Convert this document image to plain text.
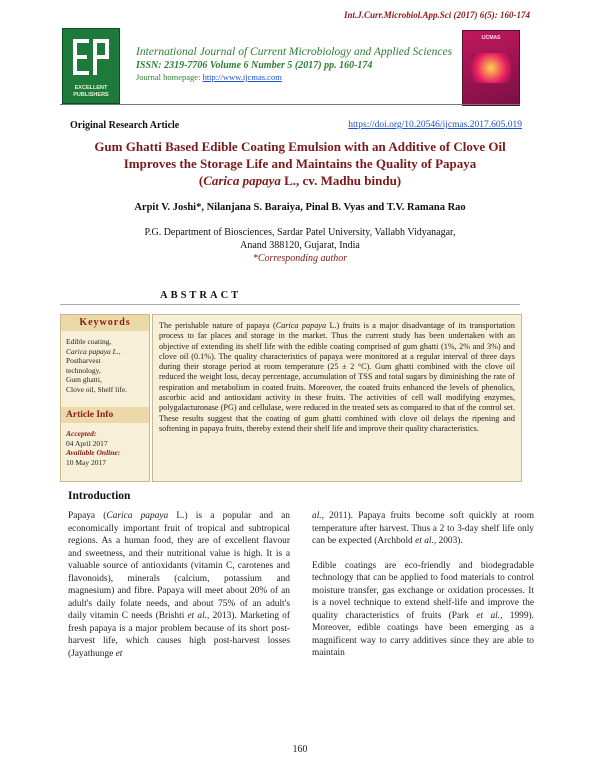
Int.J.Curr.Microbiol.App.Sci (2017) 6(5): 160-174
EXCELLENT PUBLISHERS
IJCMAS
International Journal of Current Microbiology and Applied Sciences
ISSN: 2319-7706 Volume 6 Number 5 (2017) pp. 160-174
Journal homepage: http://www.ijcmas.com
Original Research Article	https://doi.org/10.20546/ijcmas.2017.605.019
Gum Ghatti Based Edible Coating Emulsion with an Additive of Clove Oil
Improves the Storage Life and Maintains the Quality of Papaya
(Carica papaya L., cv. Madhu bindu)
Arpit V. Joshi*, Nilanjana S. Baraiya, Pinal B. Vyas and T.V. Ramana Rao
P.G. Department of Biosciences, Sardar Patel University, Vallabh Vidyanagar,
Anand 388120, Gujarat, India
*Corresponding author
ABSTRACT
Keywords
Edible coating,
Carica papaya L.,
Postharvest
technology,
Gum ghatti,
Clove oil, Shelf life.
Article Info
Accepted:
04 April 2017
Available Online:
10 May 2017
The perishable nature of papaya (Carica papaya L.) fruits is a major disadvantage of its transportation process to far places and storage in the market. Thus the current study has been undertaken with an objective of extending its shelf life with the edible coating comprised of gum ghatti (1%, 2% and 3%) and clove oil (0.1%). The quality characteristics of papaya were monitored at a regular interval of three days during their storage period at room temperature (25 ± 2 °C). Gum ghatti combined with the clove oil reduced the weight loss, decay percentage, accumulation of TSS and total sugars by diminishing the rate of respiration and metabolism in coated fruits. Moreover, the coated fruits enhanced the levels of phenolics, ascorbic acid and antioxidant activity in these fruits. The activities of cell wall modifying enzymes, polygalacturonase (PG) and cellulase, were reduced in the treated sets as compared to that of the control set. These results suggest that the coating of gum ghatti combined with clove oil delays the ripening and softening in papaya fruits, thereby extend their shelf life and improve their quality characteristics.
Introduction

Papaya (Carica papaya L.) is a popular and an economically important fruit of tropical and subtropical regions. As a human food, they are of excellent flavour and sweetness, and their nutritional value is high. It is a valuable source of antioxidants (vitamin C, carotenes and flavonoids), minerals (calcium, potassium and magnesium) and fibre. Papaya will meet about 20% of an adult's daily folate needs, and about 75% of an adult's daily vitamin C needs (Brishti et al., 2013). Marketing of fresh papaya is a major problem because of its short post-harvest life, which causes high post-harvest losses (Jayathunge et

al., 2011). Papaya fruits become soft quickly at room temperature after harvest. Thus a 2 to 3-day shelf life only can be expected (Archbold et al., 2003).

Edible coatings are eco-friendly and biodegradable technology that can be applied to food materials to control moisture transfer, gas exchange or oxidation processes. It is a novel technique to extend shelf-life and improve the quality characteristics of fruits (Park et al., 1999). Moreover, edible coatings have been emerging as a magnificent way to carry additives since they are able to maintain

160
